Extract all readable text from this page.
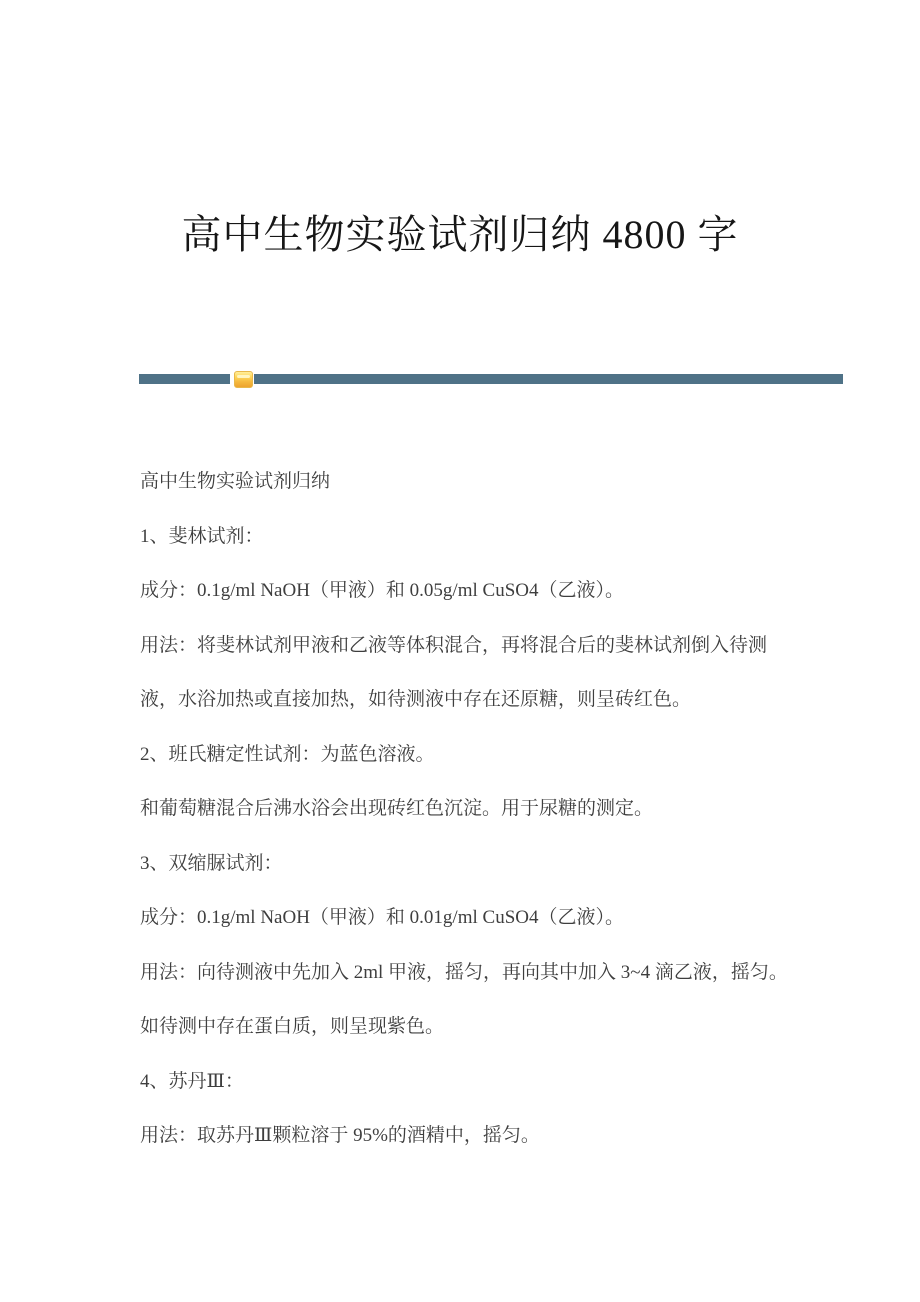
高中生物实验试剂归纳 4800 字
高中生物实验试剂归纳
1、斐林试剂：
成分：0.1g/ml NaOH（甲液）和 0.05g/ml CuSO4（乙液）。
用法：将斐林试剂甲液和乙液等体积混合，再将混合后的斐林试剂倒入待测
液，水浴加热或直接加热，如待测液中存在还原糖，则呈砖红色。
2、班氏糖定性试剂：为蓝色溶液。
和葡萄糖混合后沸水浴会出现砖红色沉淀。用于尿糖的测定。
3、双缩脲试剂：
成分：0.1g/ml NaOH（甲液）和 0.01g/ml CuSO4（乙液）。
用法：向待测液中先加入 2ml 甲液，摇匀，再向其中加入 3~4 滴乙液，摇匀。
如待测中存在蛋白质，则呈现紫色。
4、苏丹Ⅲ：
用法：取苏丹Ⅲ颗粒溶于 95%的酒精中，摇匀。
